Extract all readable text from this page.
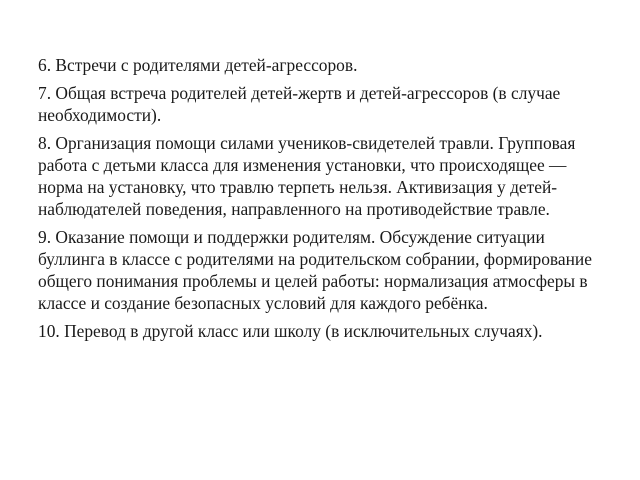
6. Встречи с родителями детей-агрессоров.

7. Общая встреча родителей детей-жертв и детей-агрессоров (в случае необходимости).

8. Организация помощи силами учеников-свидетелей травли. Групповая работа с детьми класса для изменения установки, что происходящее — норма на установку, что травлю терпеть нельзя. Активизация у детей-наблюдателей поведения, направленного на противодействие травле.

9. Оказание помощи и поддержки родителям. Обсуждение ситуации буллинга в классе с родителями на родительском собрании, формирование общего понимания проблемы и целей работы: нормализация атмосферы в классе и создание безопасных условий для каждого ребёнка.

10. Перевод в другой класс или школу (в исключительных случаях).
